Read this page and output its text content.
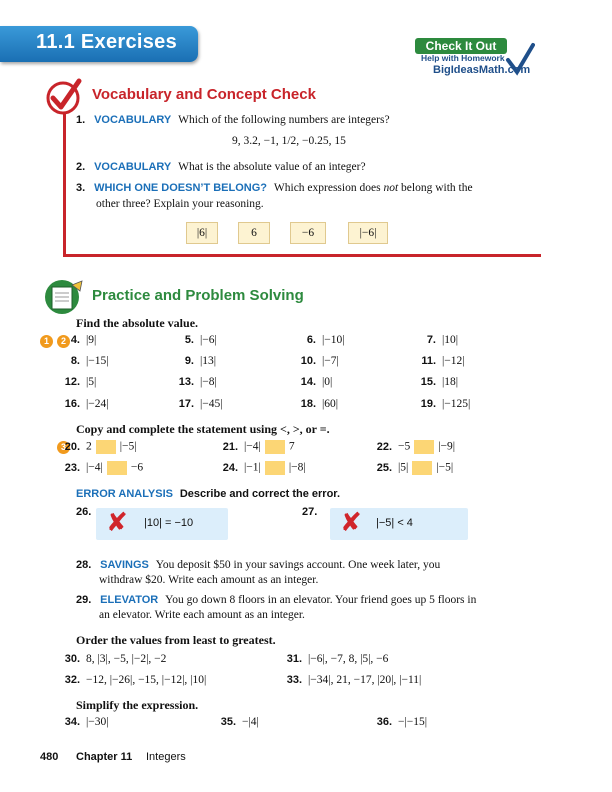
11.1 Exercises	Check It Out
Help with Homework
BigIdeasMath.com
Vocabulary and Concept Check
1. VOCABULARY Which of the following numbers are integers?
9, 3.2, −1, 1/2, −0.25, 15
2. VOCABULARY What is the absolute value of an integer?
3. WHICH ONE DOESN’T BELONG? Which expression does not belong with the
other three? Explain your reasoning.
|6|	6	−6	|−6|
Practice and Problem Solving
Find the absolute value.
1	2 4. |9|	5. |−6|	6. |−10|	7. |10|
8. |−15|	9. |13|	10. |−7|	11. |−12|
12. |5|	13. |−8|	14. |0|	15. |18|
16. |−24|	17. |−45|	18. |60|	19. |−125|
Copy and complete the statement using <, >, or =.
3
20. 2 |−5|	21. |−4| 7	22. −5 |−9|
23. |−4| −6	24. |−1| |−8|	25. |5| |−5|
ERROR ANALYSIS Describe and correct the error.
26. ✘ |10| = −10
27. ✘ |−5| < 4
28. SAVINGS You deposit $50 in your savings account. One week later, you
withdraw $20. Write each amount as an integer.
29. ELEVATOR You go down 8 floors in an elevator. Your friend goes up 5 floors in
an elevator. Write each amount as an integer.
Order the values from least to greatest.
30. 8, |3|, −5, |−2|, −2	31. |−6|, −7, 8, |5|, −6
32. −12, |−26|, −15, |−12|, |10|	33. |−34|, 21, −17, |20|, |−11|
Simplify the expression.
34. |−30|	35. −|4|	36. −|−15|
480 Chapter 11 Integers
